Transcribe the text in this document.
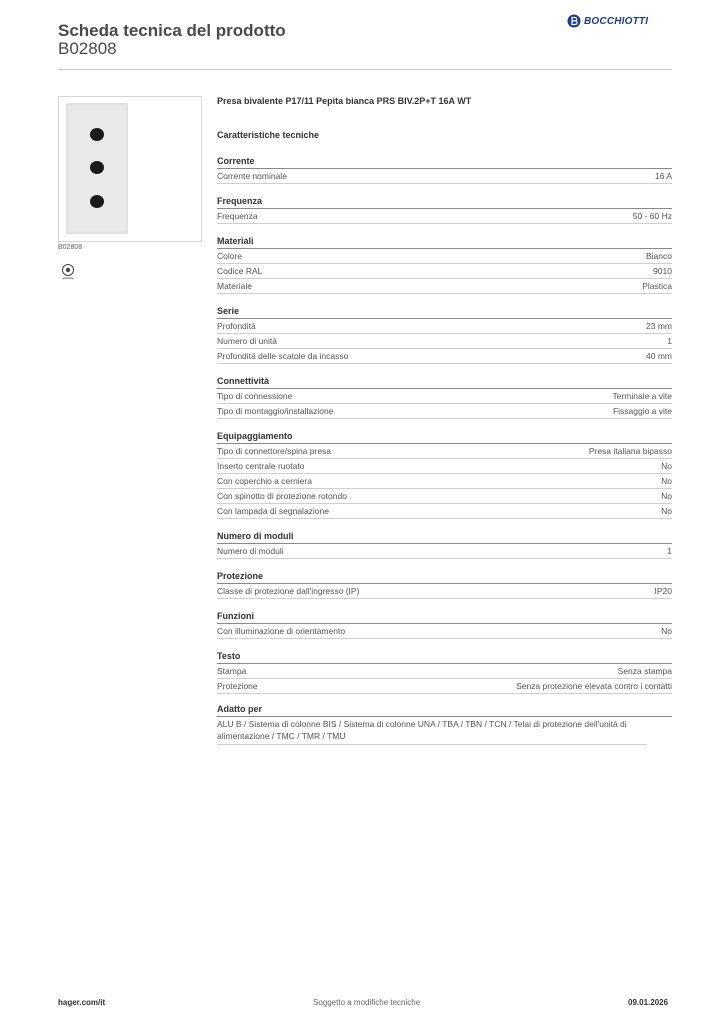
Scheda tecnica del prodotto
B02808
BOCCHIOTTI
B02808
Presa bivalente P17/11 Pepita bianca PRS BIV.2P+T 16A WT
Caratteristiche tecniche
Corrente
Corrente nominale	16 A
Frequenza
Frequenza	50 - 60 Hz
Materiali
Colore	Bianco
Codice RAL	9010
Materiale	Plastica
Serie
Profondità	23 mm
Numero di unità	1
Profondità delle scatole da incasso	40 mm
Connettività
Tipo di connessione	Terminale a vite
Tipo di montaggio/installazione	Fissaggio a vite
Equipaggiamento
Tipo di connettore/spina presa	Presa italiana bipasso
Inserto centrale ruotato	No
Con coperchio a cerniera	No
Con spinotto di protezione rotondo	No
Con lampada di segnalazione	No
Numero di moduli
Numero di moduli	1
Protezione
Classe di protezione dall'ingresso (IP)	IP20
Funzioni
Con illuminazione di orientamento	No
Testo
Stampa	Senza stampa
Protezione	Senza protezione elevata contro i contatti
Adatto per
ALU B / Sistema di colonne BIS / Sistema di colonne UNA / TBA / TBN / TCN / Telai di protezione dell'unità di alimentazione / TMC / TMR / TMU
hager.com/it	Soggetto a modifiche tecniche	09.01.2026
